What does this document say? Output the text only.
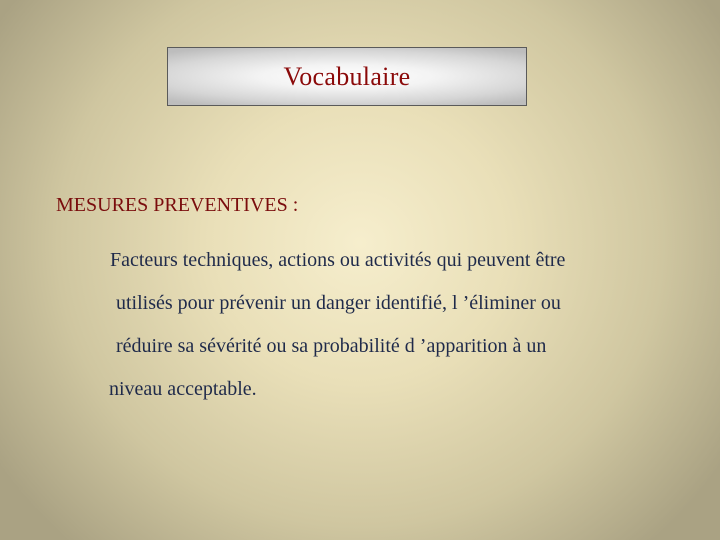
Vocabulaire
MESURES PREVENTIVES :
Facteurs techniques, actions ou activités qui peuvent être
utilisés pour prévenir un danger identifié, l ’éliminer ou
réduire sa sévérité ou sa probabilité d ’apparition à un
niveau acceptable.
